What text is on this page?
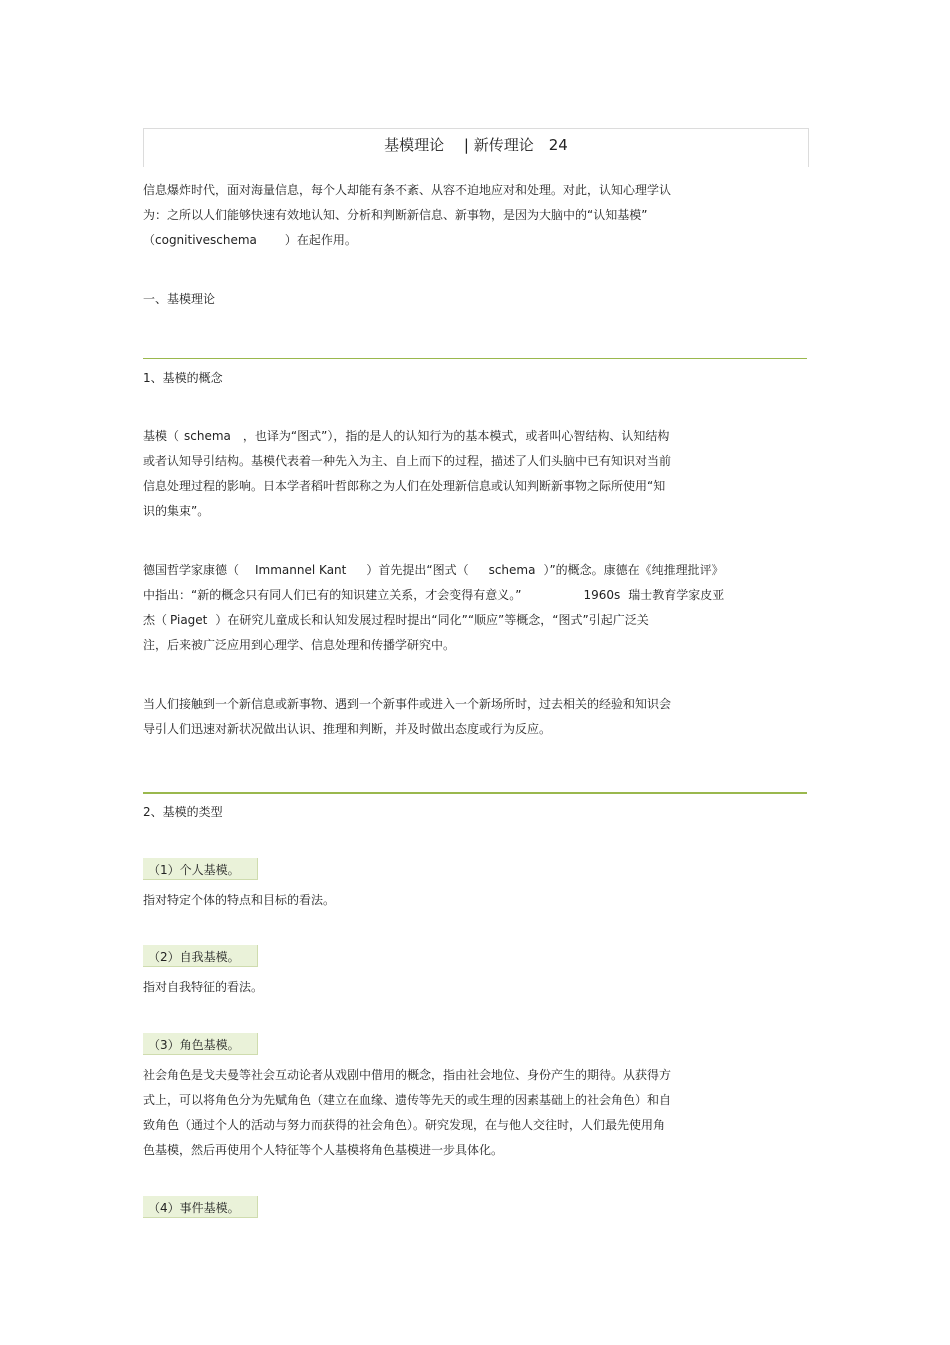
基模理论 　| 新传理论　24

信息爆炸时代，面对海量信息，每个人却能有条不紊、从容不迫地应对和处理。对此，认知心理学认

为：之所以人们能够快速有效地认知、分析和判断新信息、新事物，是因为大脑中的“认知基模”

（cognitiveschema ）在起作用。

一、基模理论

1、基模的概念

基模（ schema ，也译为“图式”），指的是人的认知行为的基本模式，或者叫心智结构、认知结构

或者认知导引结构。基模代表着一种先入为主、自上而下的过程，描述了人们头脑中已有知识对当前

信息处理过程的影响。日本学者稻叶哲郎称之为人们在处理新信息或认知判断新事物之际所使用“知

识的集束”。

德国哲学家康德（ Immannel Kant ）首先提出“图式（ schema ）”的概念。康德在《纯推理批评》

中指出：“新的概念只有同人们已有的知识建立关系，才会变得有意义。”	1960s 瑞士教育学家皮亚

杰（ Piaget ）在研究儿童成长和认知发展过程时提出“同化”“顺应”等概念，“图式”引起广泛关

注，后来被广泛应用到心理学、信息处理和传播学研究中。

当人们接触到一个新信息或新事物、遇到一个新事件或进入一个新场所时，过去相关的经验和知识会

导引人们迅速对新状况做出认识、推理和判断，并及时做出态度或行为反应。

2、基模的类型

（1）个人基模。

指对特定个体的特点和目标的看法。

（2）自我基模。

指对自我特征的看法。

（3）角色基模。

社会角色是戈夫曼等社会互动论者从戏剧中借用的概念，指由社会地位、身份产生的期待。从获得方

式上，可以将角色分为先赋角色（建立在血缘、遗传等先天的或生理的因素基础上的社会角色）和自

致角色（通过个人的活动与努力而获得的社会角色）。研究发现，在与他人交往时，人们最先使用角

色基模，然后再使用个人特征等个人基模将角色基模进一步具体化。

（4）事件基模。
